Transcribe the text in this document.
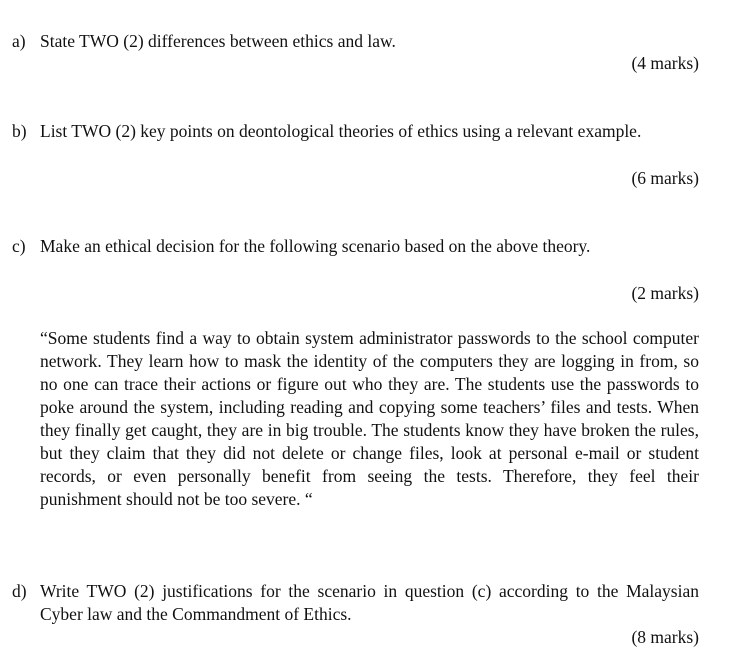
a) State TWO (2) differences between ethics and law.

(4 marks)
b) List TWO (2) key points on deontological theories of ethics using a relevant example.

(6 marks)
c) Make an ethical decision for the following scenario based on the above theory.

(2 marks)

“Some students find a way to obtain system administrator passwords to the school computer network. They learn how to mask the identity of the computers they are logging in from, so no one can trace their actions or figure out who they are. The students use the passwords to poke around the system, including reading and copying some teachers’ files and tests. When they finally get caught, they are in big trouble. The students know they have broken the rules, but they claim that they did not delete or change files, look at personal e-mail or student records, or even personally benefit from seeing the tests. Therefore, they feel their punishment should not be too severe. “

d) Write TWO (2) justifications for the scenario in question (c) according to the Malaysian Cyber law and the Commandment of Ethics.

(8 marks)
